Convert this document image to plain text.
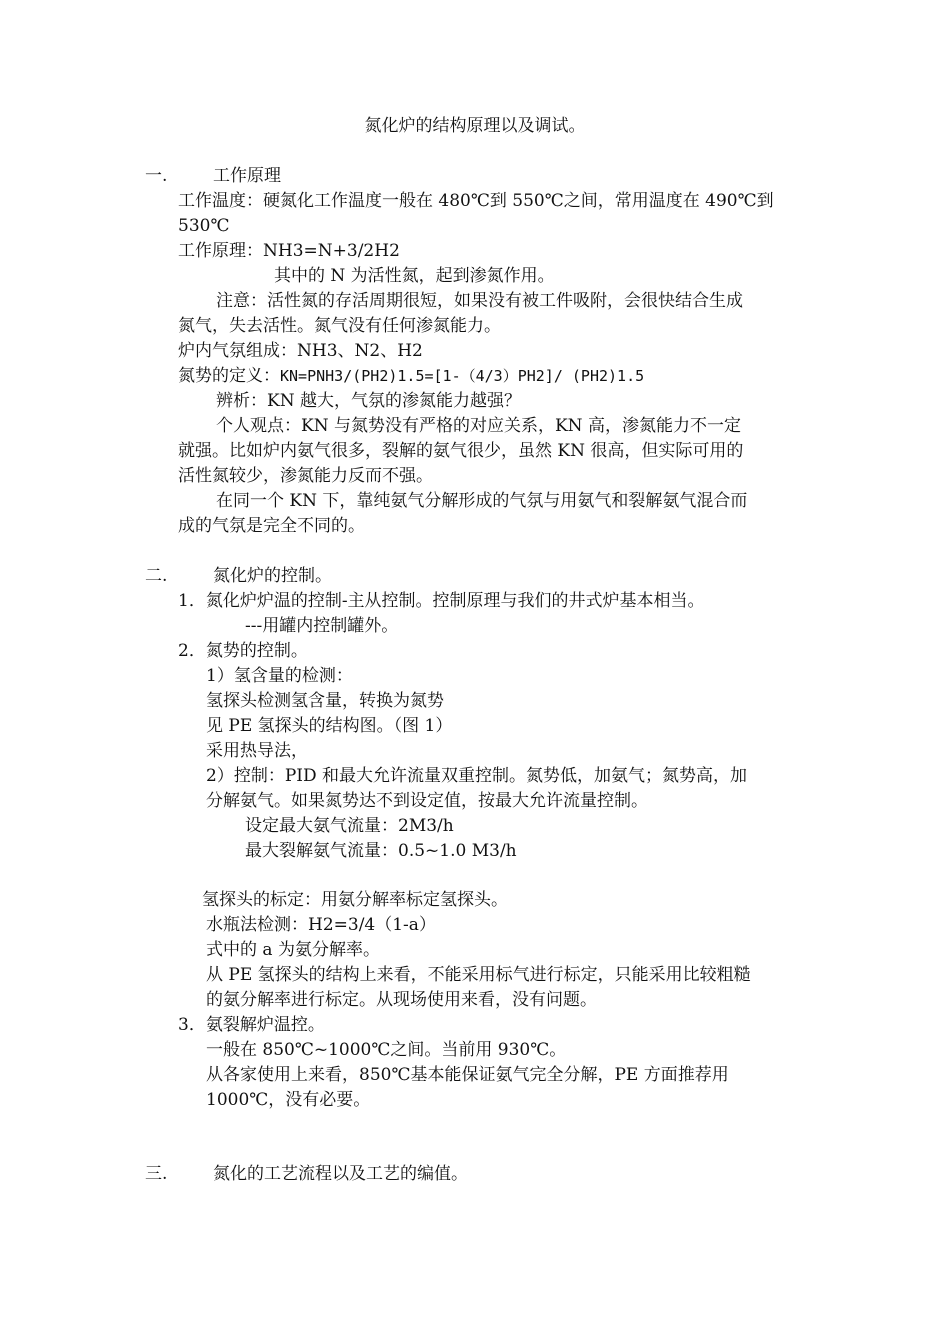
氮化炉的结构原理以及调试。
一.	工作原理
工作温度：硬氮化工作温度一般在 480℃到 550℃之间，常用温度在 490℃到
530℃
工作原理：NH3=N+3/2H2
其中的 N 为活性氮，起到渗氮作用。
注意：活性氮的存活周期很短，如果没有被工件吸附，会很快结合生成
氮气，失去活性。氮气没有任何渗氮能力。
炉内气氛组成：NH3、N2、H2
氮势的定义：KN=PNH3/(PH2)1.5=[1-（4/3）PH2]/ (PH2)1.5
辨析：KN 越大，气氛的渗氮能力越强？
个人观点：KN 与氮势没有严格的对应关系，KN 高，渗氮能力不一定
就强。比如炉内氨气很多，裂解的氨气很少，虽然 KN 很高，但实际可用的
活性氮较少，渗氮能力反而不强。
在同一个 KN 下，靠纯氨气分解形成的气氛与用氨气和裂解氨气混合而
成的气氛是完全不同的。
二.	氮化炉的控制。
1．氮化炉炉温的控制-主从控制。控制原理与我们的井式炉基本相当。
---用罐内控制罐外。
2．氮势的控制。
1）氢含量的检测：
氢探头检测氢含量，转换为氮势
见 PE 氢探头的结构图。（图 1）
采用热导法，
2）控制：PID 和最大允许流量双重控制。氮势低，加氨气；氮势高，加
分解氨气。如果氮势达不到设定值，按最大允许流量控制。
设定最大氨气流量：2M3/h
最大裂解氨气流量：0.5~1.0 M3/h
氢探头的标定：用氨分解率标定氢探头。
水瓶法检测：H2=3/4（1-a）
式中的 a 为氨分解率。
从 PE 氢探头的结构上来看，不能采用标气进行标定，只能采用比较粗糙
的氨分解率进行标定。从现场使用来看，没有问题。
3．氨裂解炉温控。
一般在 850℃~1000℃之间。当前用 930℃。
从各家使用上来看，850℃基本能保证氨气完全分解，PE 方面推荐用
1000℃，没有必要。
三.	氮化的工艺流程以及工艺的编值。
